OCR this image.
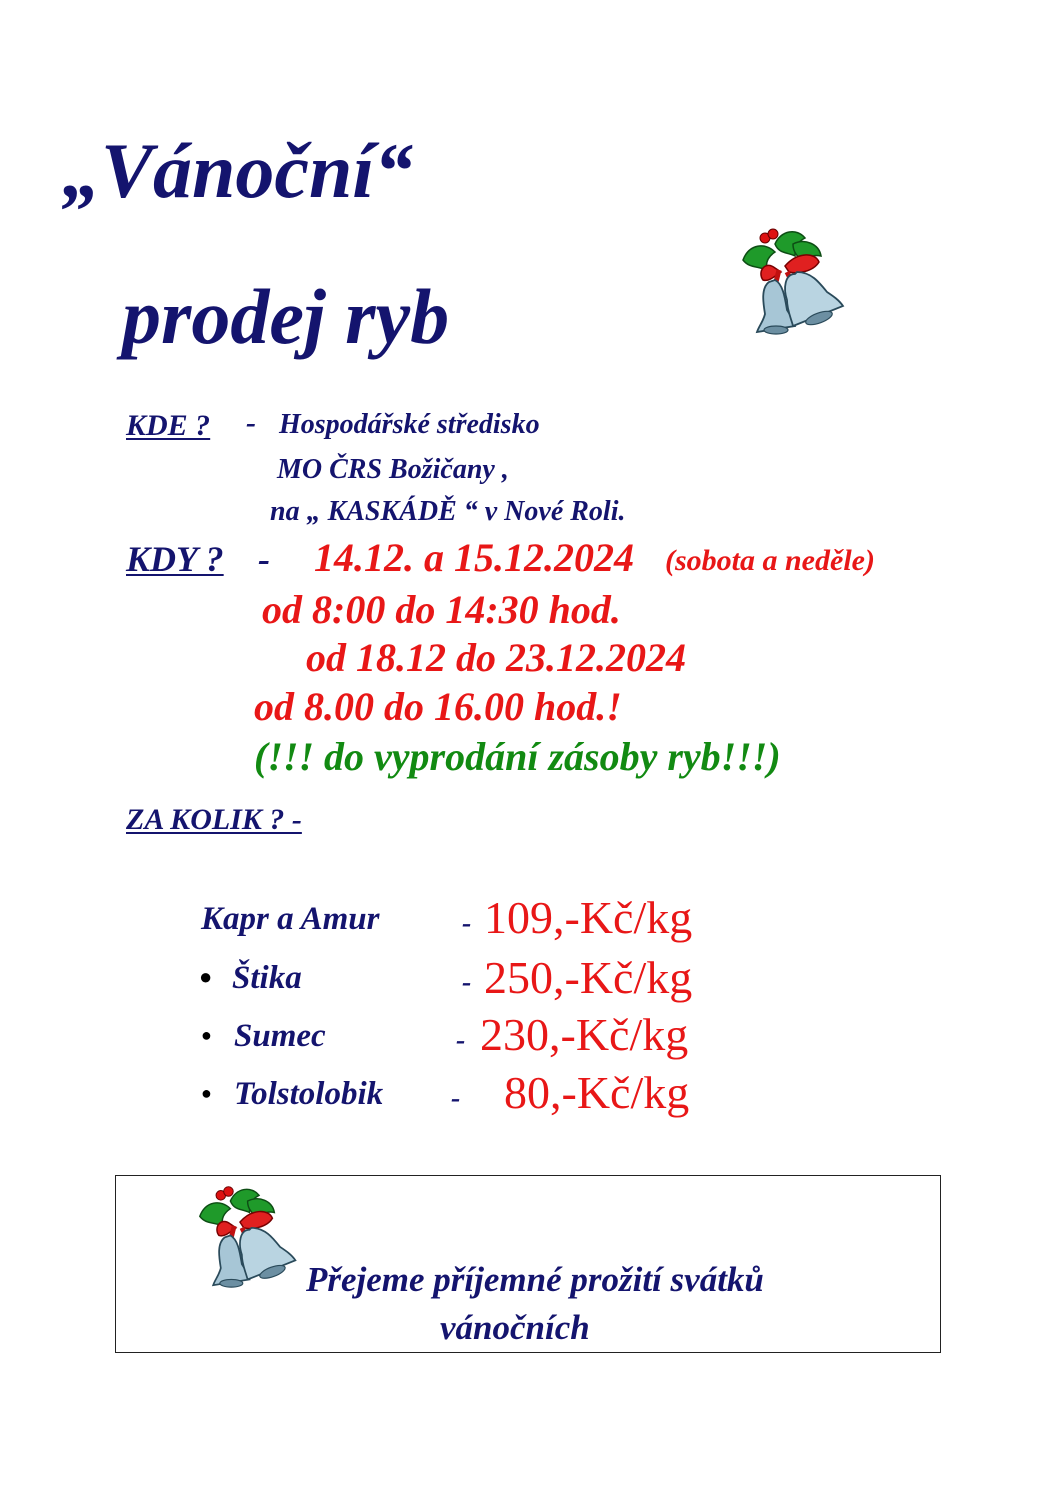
„Vánoční“
prodej ryb
KDE ? - Hospodářské středisko
MO ČRS Božičany ,
na „ KASKÁDĚ “ v Nové Roli.
KDY ? - 14.12. a 15.12.2024 (sobota a neděle)
od 8:00 do 14:30 hod.
od 18.12 do 23.12.2024
od 8.00 do 16.00 hod.!
(!!! do vyprodání zásoby ryb!!!)
ZA KOLIK ? -
Kapr a Amur	- 109,-Kč/kg
● Štika	- 250,-Kč/kg
● Sumec	- 230,-Kč/kg
● Tolstolobik - 80,-Kč/kg
Přejeme příjemné prožití svátků
vánočních
